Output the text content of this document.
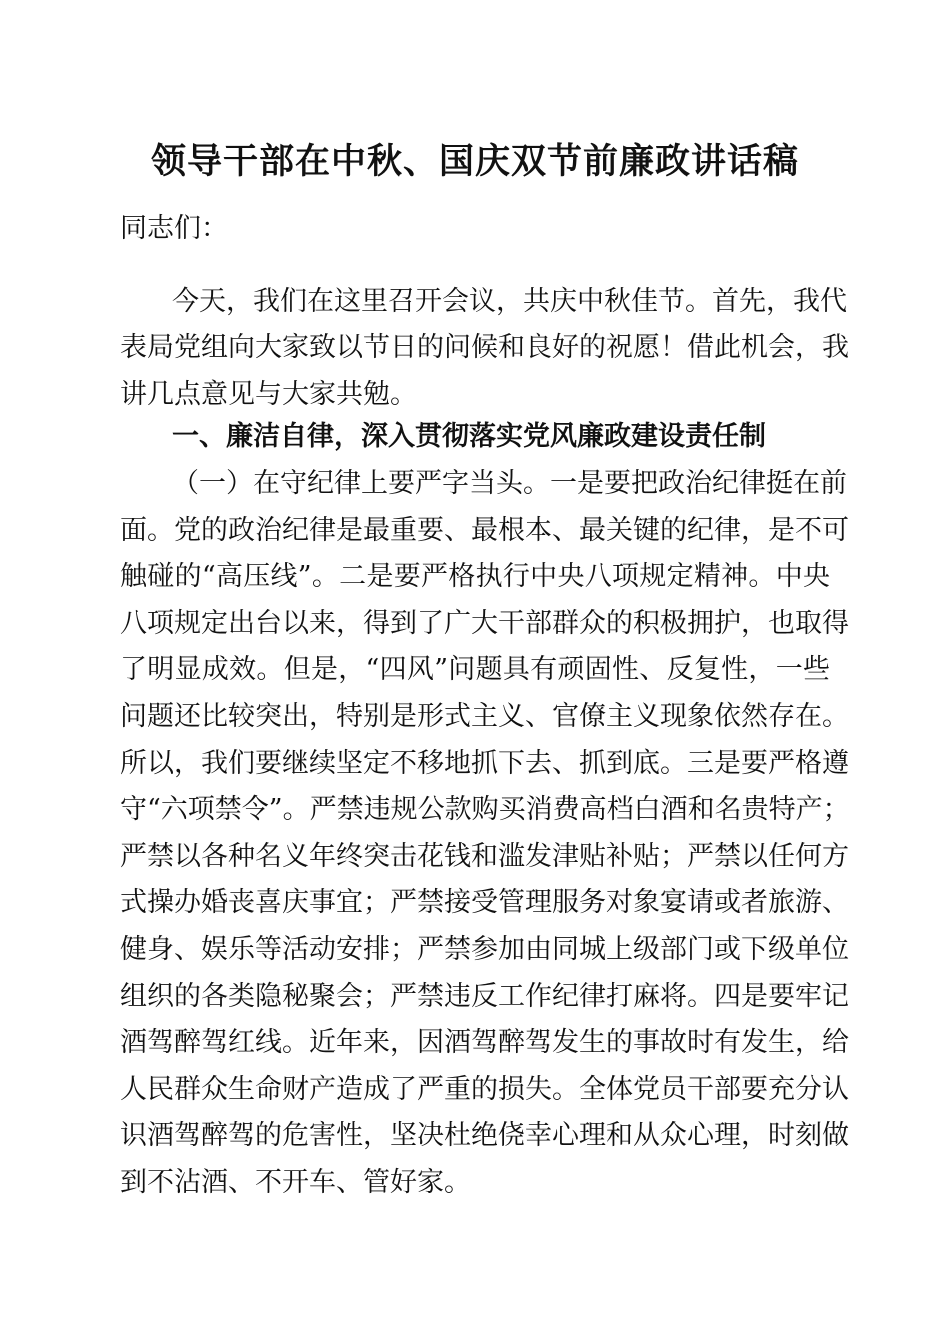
领导干部在中秋、国庆双节前廉政讲话稿
同志们：
今天，我们在这里召开会议，共庆中秋佳节。首先，我代
表局党组向大家致以节日的问候和良好的祝愿！借此机会，我
讲几点意见与大家共勉。
一、廉洁自律，深入贯彻落实党风廉政建设责任制
（一）在守纪律上要严字当头。一是要把政治纪律挺在前
面。党的政治纪律是最重要、最根本、最关键的纪律，是不可
触碰的“高压线”。二是要严格执行中央八项规定精神。中央
八项规定出台以来，得到了广大干部群众的积极拥护，也取得
了明显成效。但是，“四风”问题具有顽固性、反复性，一些
问题还比较突出，特别是形式主义、官僚主义现象依然存在。
所以，我们要继续坚定不移地抓下去、抓到底。三是要严格遵
守“六项禁令”。严禁违规公款购买消费高档白酒和名贵特产；
严禁以各种名义年终突击花钱和滥发津贴补贴；严禁以任何方
式操办婚丧喜庆事宜；严禁接受管理服务对象宴请或者旅游、
健身、娱乐等活动安排；严禁参加由同城上级部门或下级单位
组织的各类隐秘聚会；严禁违反工作纪律打麻将。四是要牢记
酒驾醉驾红线。近年来，因酒驾醉驾发生的事故时有发生，给
人民群众生命财产造成了严重的损失。全体党员干部要充分认
识酒驾醉驾的危害性，坚决杜绝侥幸心理和从众心理，时刻做
到不沾酒、不开车、管好家。
